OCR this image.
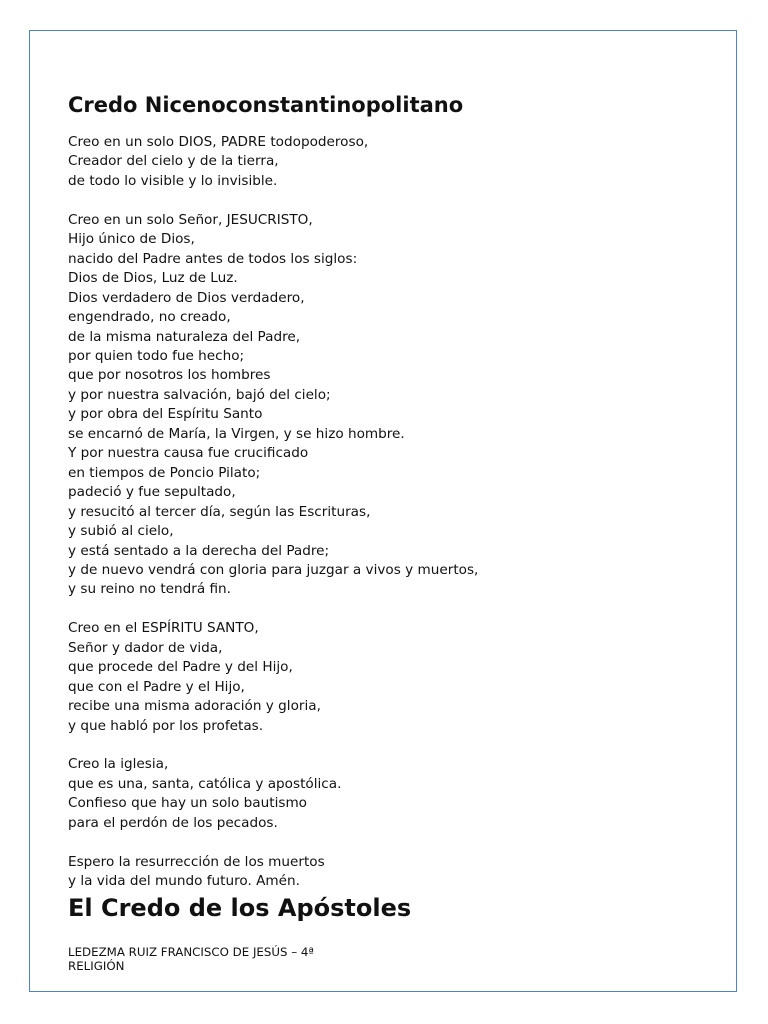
Credo Nicenoconstantinopolitano

Creo en un solo DIOS, PADRE todopoderoso,
Creador del cielo y de la tierra,
de todo lo visible y lo invisible.

Creo en un solo Señor, JESUCRISTO,
Hijo único de Dios,
nacido del Padre antes de todos los siglos:
Dios de Dios, Luz de Luz.
Dios verdadero de Dios verdadero,
engendrado, no creado,
de la misma naturaleza del Padre,
por quien todo fue hecho;
que por nosotros los hombres
y por nuestra salvación, bajó del cielo;
y por obra del Espíritu Santo
se encarnó de María, la Virgen, y se hizo hombre.
Y por nuestra causa fue crucificado
en tiempos de Poncio Pilato;
padeció y fue sepultado,
y resucitó al tercer día, según las Escrituras,
y subió al cielo,
y está sentado a la derecha del Padre;
y de nuevo vendrá con gloria para juzgar a vivos y muertos,
y su reino no tendrá fin.

Creo en el ESPÍRITU SANTO,
Señor y dador de vida,
que procede del Padre y del Hijo,
que con el Padre y el Hijo,
recibe una misma adoración y gloria,
y que habló por los profetas.

Creo la iglesia,
que es una, santa, católica y apostólica.
Confieso que hay un solo bautismo
para el perdón de los pecados.

Espero la resurrección de los muertos
y la vida del mundo futuro. Amén.

El Credo de los Apóstoles

LEDEZMA RUIZ FRANCISCO DE JESÚS – 4ª
RELIGIÓN
